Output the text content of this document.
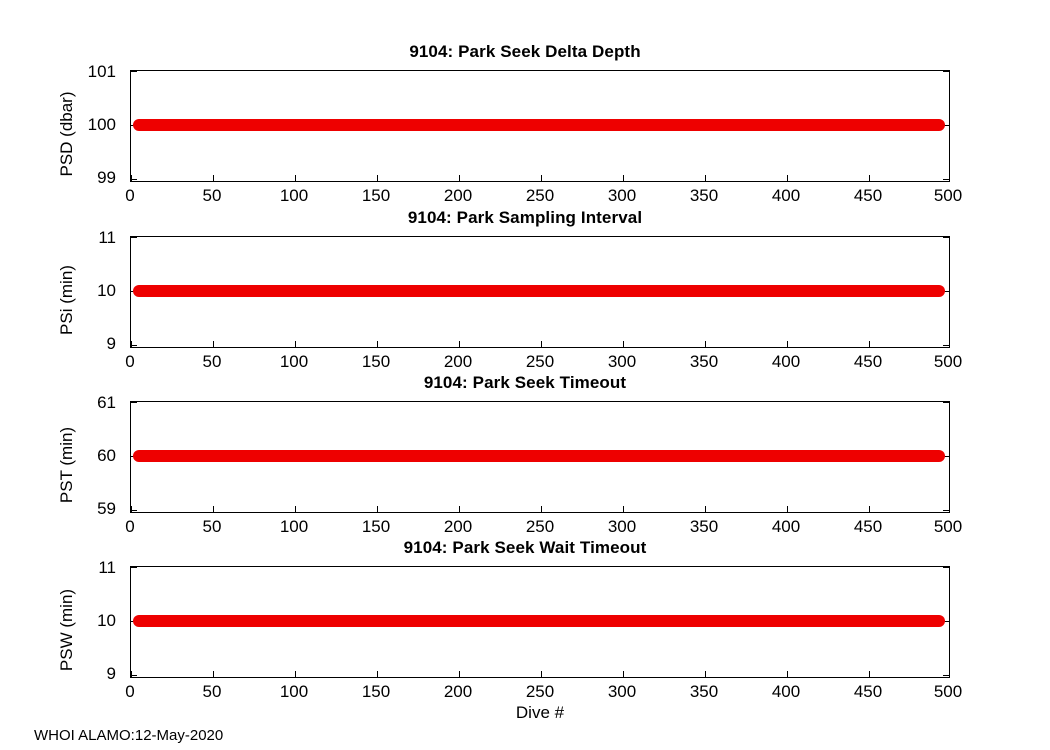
9104: Park Seek Delta Depth
PSD (dbar)
101
100
99
0	50	100	150	200	250	300	350	400	450	500
9104: Park Sampling Interval
PSi (min)
11
10
9
0	50	100	150	200	250	300	350	400	450	500
9104: Park Seek Timeout
PST (min)
61
60
59
0	50	100	150	200	250	300	350	400	450	500
9104: Park Seek Wait Timeout
PSW (min)
11
10
9
0	50	100	150	200	250	300	350	400	450	500
Dive #
WHOI ALAMO:12-May-2020
